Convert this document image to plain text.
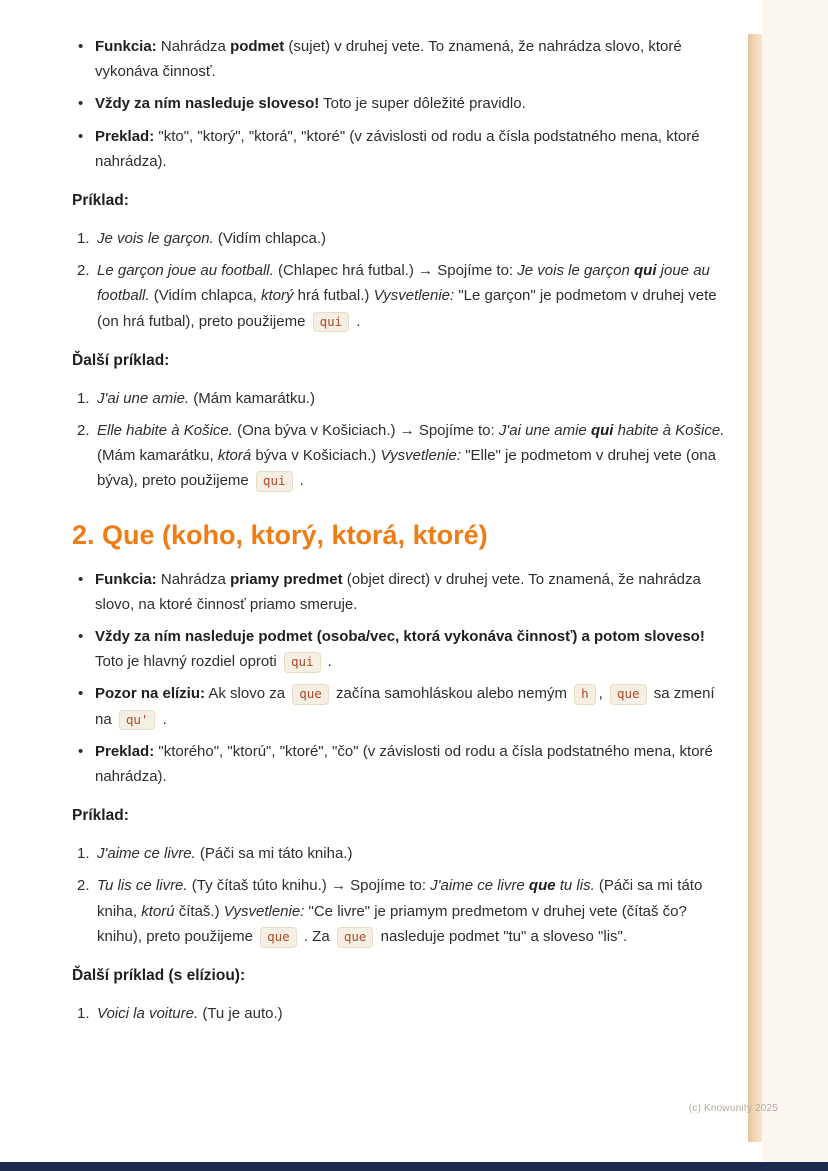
• Funkcia: Nahrádza podmet (sujet) v druhej vete. To znamená, že nahrádza slovo, ktoré vykonáva činnosť.
• Vždy za ním nasleduje sloveso! Toto je super dôležité pravidlo.
• Preklad: "kto", "ktorý", "ktorá", "ktoré" (v závislosti od rodu a čísla podstatného mena, ktoré nahrádza).

Príklad:

Je vois le garçon. (Vidím chlapca.)
Le garçon joue au football. (Chlapec hrá futbal.) → Spojíme to: Je vois le garçon qui joue au football. (Vidím chlapca, ktorý hrá futbal.) Vysvetlenie: "Le garçon" je podmetom v druhej vete (on hrá futbal), preto použijeme qui .

Ďalší príklad:

J'ai une amie. (Mám kamarátku.)
Elle habite à Košice. (Ona býva v Košiciach.) → Spojíme to: J'ai une amie qui habite à Košice. (Mám kamarátku, ktorá býva v Košiciach.) Vysvetlenie: "Elle" je podmetom v druhej vete (ona býva), preto použijeme qui .
2. Que (koho, ktorý, ktorá, ktoré)
• Funkcia: Nahrádza priamy predmet (objet direct) v druhej vete. To znamená, že nahrádza slovo, na ktoré činnosť priamo smeruje.
• Vždy za ním nasleduje podmet (osoba/vec, ktorá vykonáva činnosť) a potom sloveso! Toto je hlavný rozdiel oproti qui .
• Pozor na elíziu: Ak slovo za que začína samohláskou alebo nemým h , que sa zmení na qu' .
• Preklad: "ktorého", "ktorú", "ktoré", "čo" (v závislosti od rodu a čísla podstatného mena, ktoré nahrádza).

Príklad:

J'aime ce livre. (Páči sa mi táto kniha.)
Tu lis ce livre. (Ty čítaš túto knihu.) → Spojíme to: J'aime ce livre que tu lis. (Páči sa mi táto kniha, ktorú čítaš.) Vysvetlenie: "Ce livre" je priamym predmetom v druhej vete (čítaš čo? knihu), preto použijeme que . Za que nasleduje podmet "tu" a sloveso "lis".

Ďalší príklad (s elíziou):

Voici la voiture. (Tu je auto.)
(c) Knowunity 2025
